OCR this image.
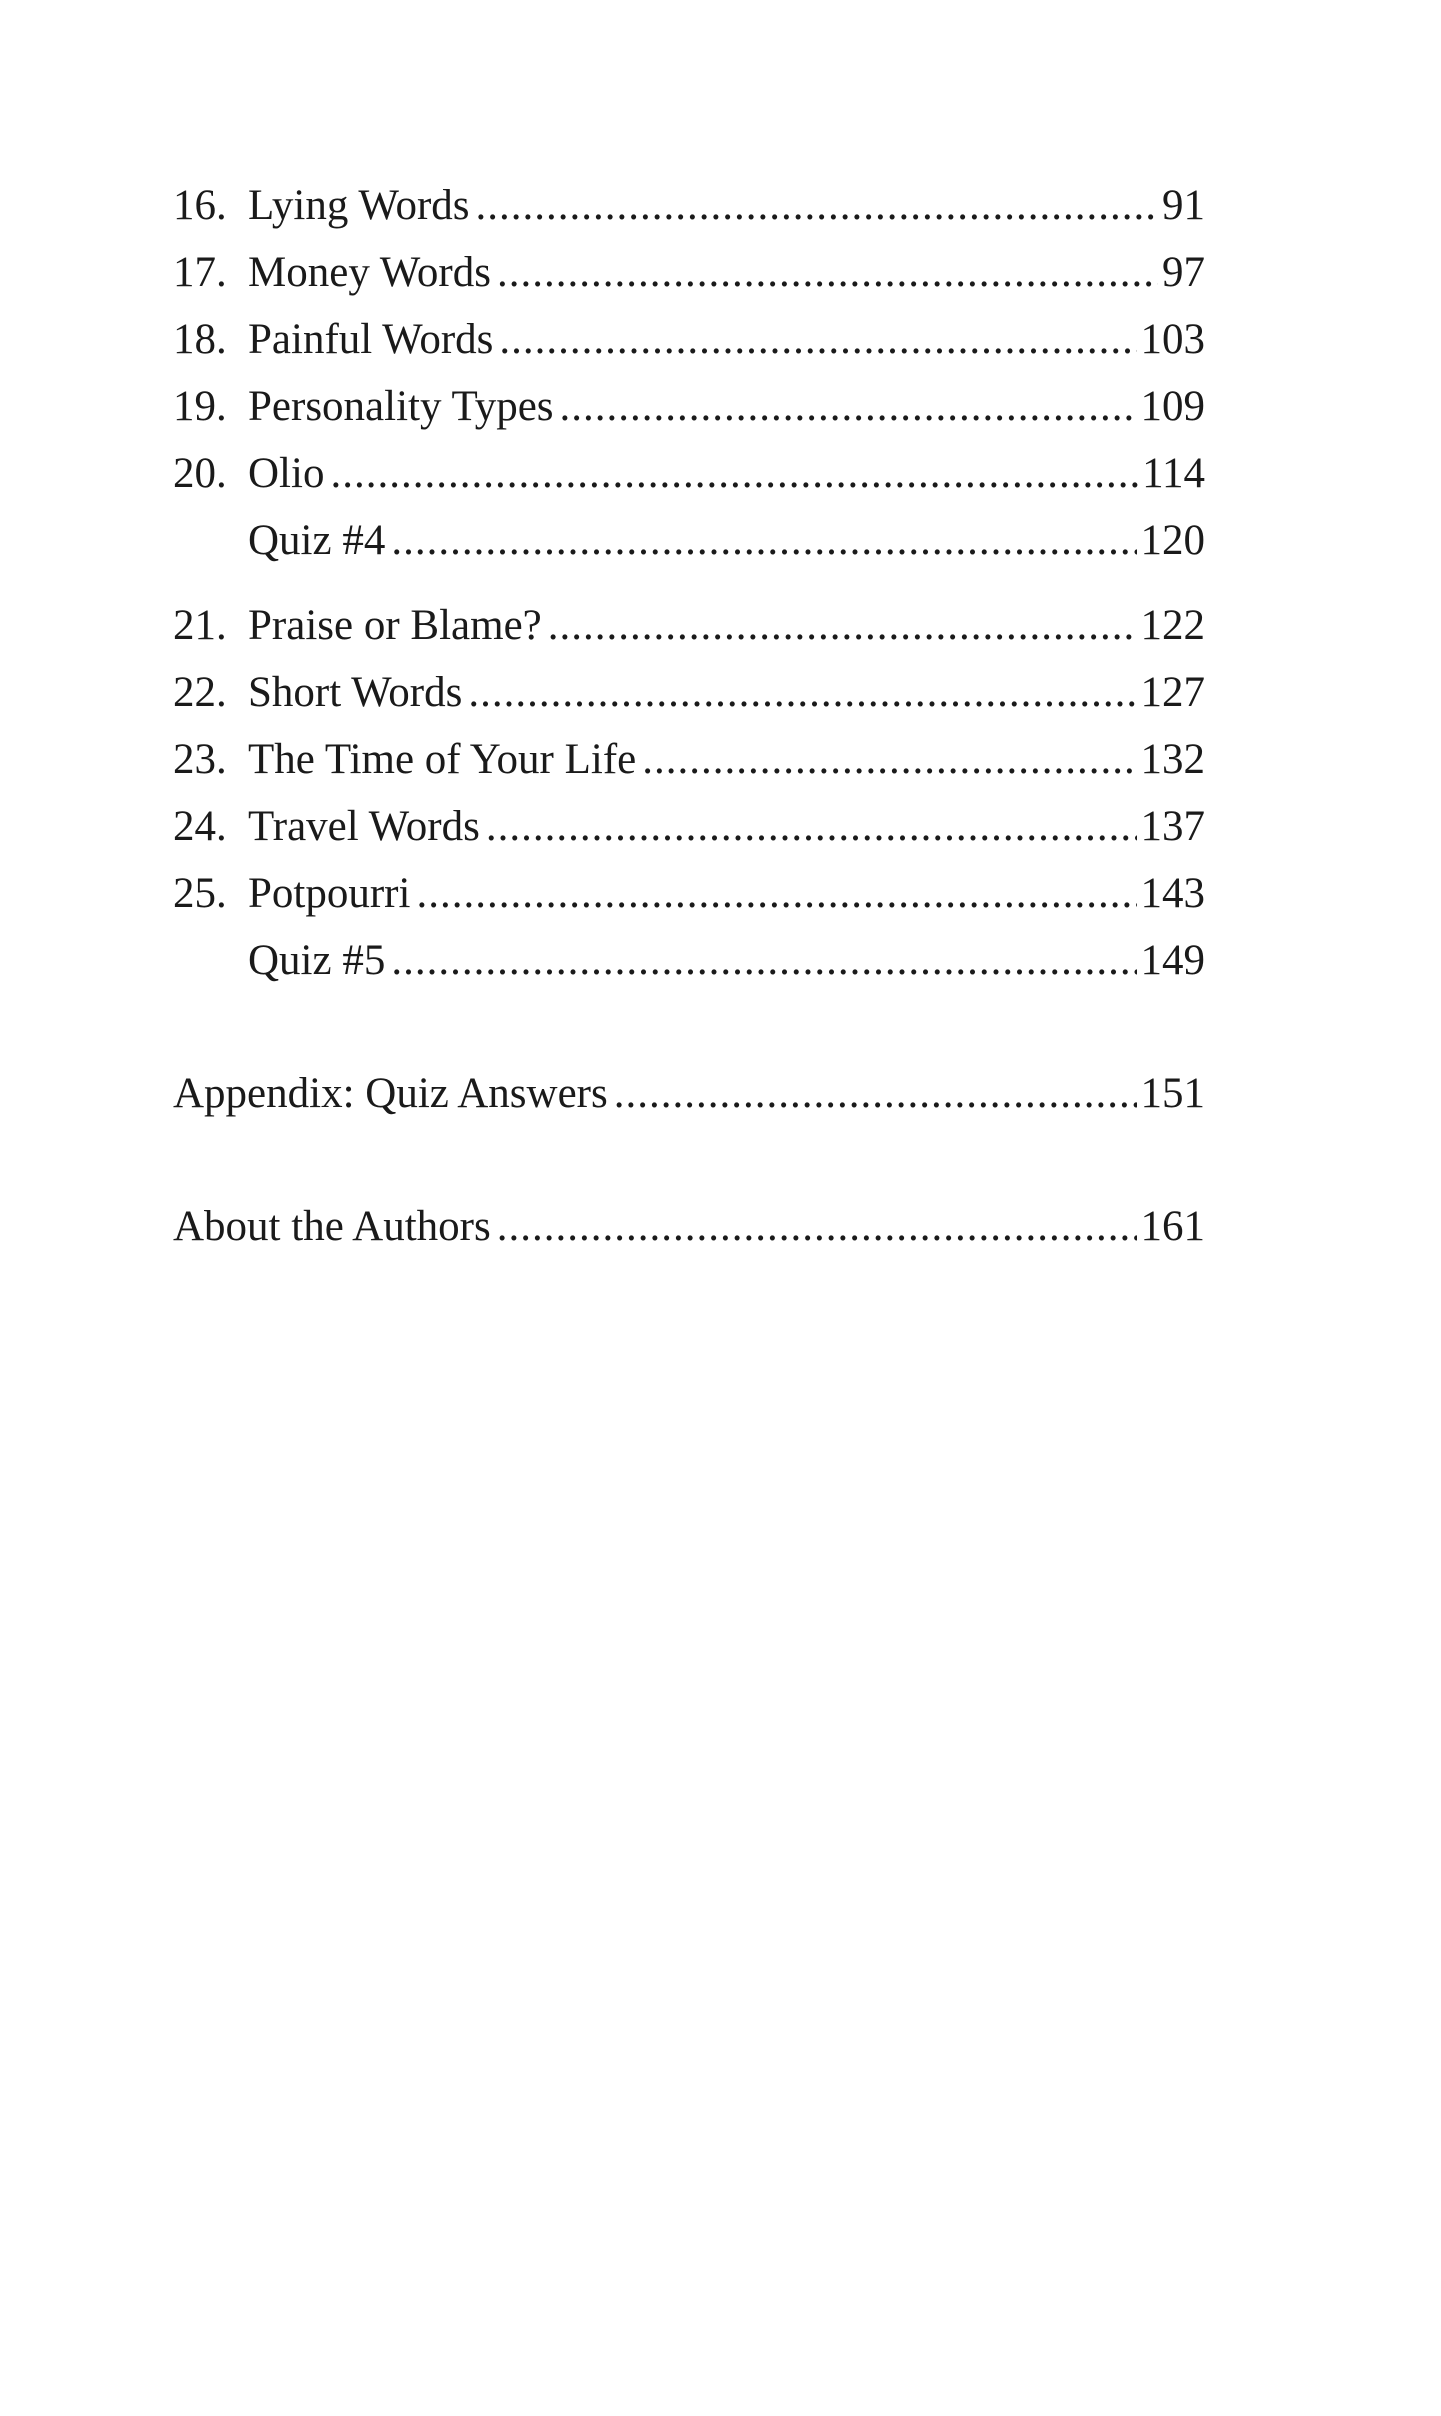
16. Lying Words .....	91
17. Money Words .....	97
18. Painful Words .....	103
19. Personality Types .....	109
20. Olio .....	114
Quiz #4 .....	120
21. Praise or Blame? .....	122
22. Short Words .....	127
23. The Time of Your Life .....	132
24. Travel Words .....	137
25. Potpourri .....	143
Quiz #5 .....	149
Appendix: Quiz Answers .....	151
About the Authors .....	161
